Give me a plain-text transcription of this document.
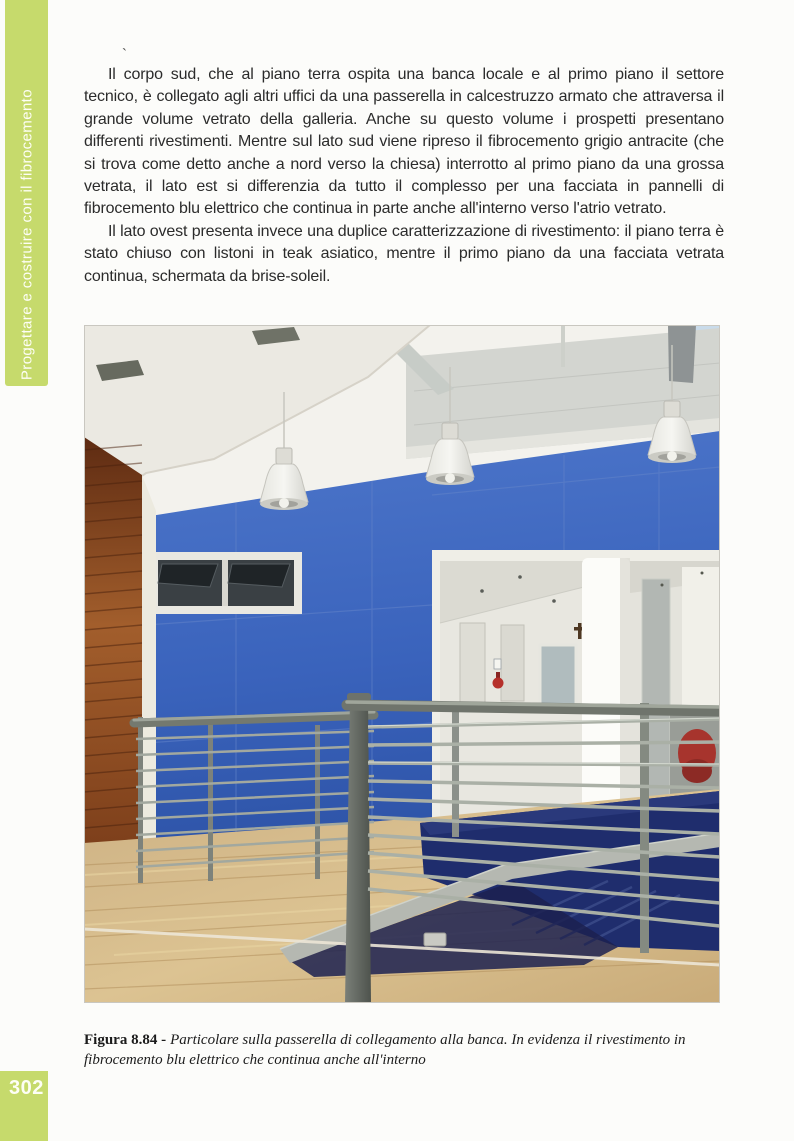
Progettare e costruire con il fibrocemento
`

Il corpo sud, che al piano terra ospita una banca locale e al primo piano il settore tecnico, è collegato agli altri uffici da una passerella in calcestruzzo armato che attraversa il grande volume vetrato della galleria. Anche su questo volume i prospetti presentano differenti rivestimenti. Mentre sul lato sud viene ripreso il fibrocemento grigio antracite (che si trova come detto anche a nord verso la chiesa) interrotto al primo piano da una grossa vetrata, il lato est si differenzia da tutto il complesso per una facciata in pannelli di fibrocemento blu elettrico che continua in parte anche all'interno verso l'atrio vetrato.

Il lato ovest presenta invece una duplice caratterizzazione di rivestimento: il piano terra è stato chiuso con listoni in teak asiatico, mentre il primo piano da una facciata vetrata continua, schermata da brise-soleil.

Figura 8.84 - Particolare sulla passerella di collegamento alla banca. In evidenza il rivestimento in fibrocemento blu elettrico che continua anche all'interno

302
